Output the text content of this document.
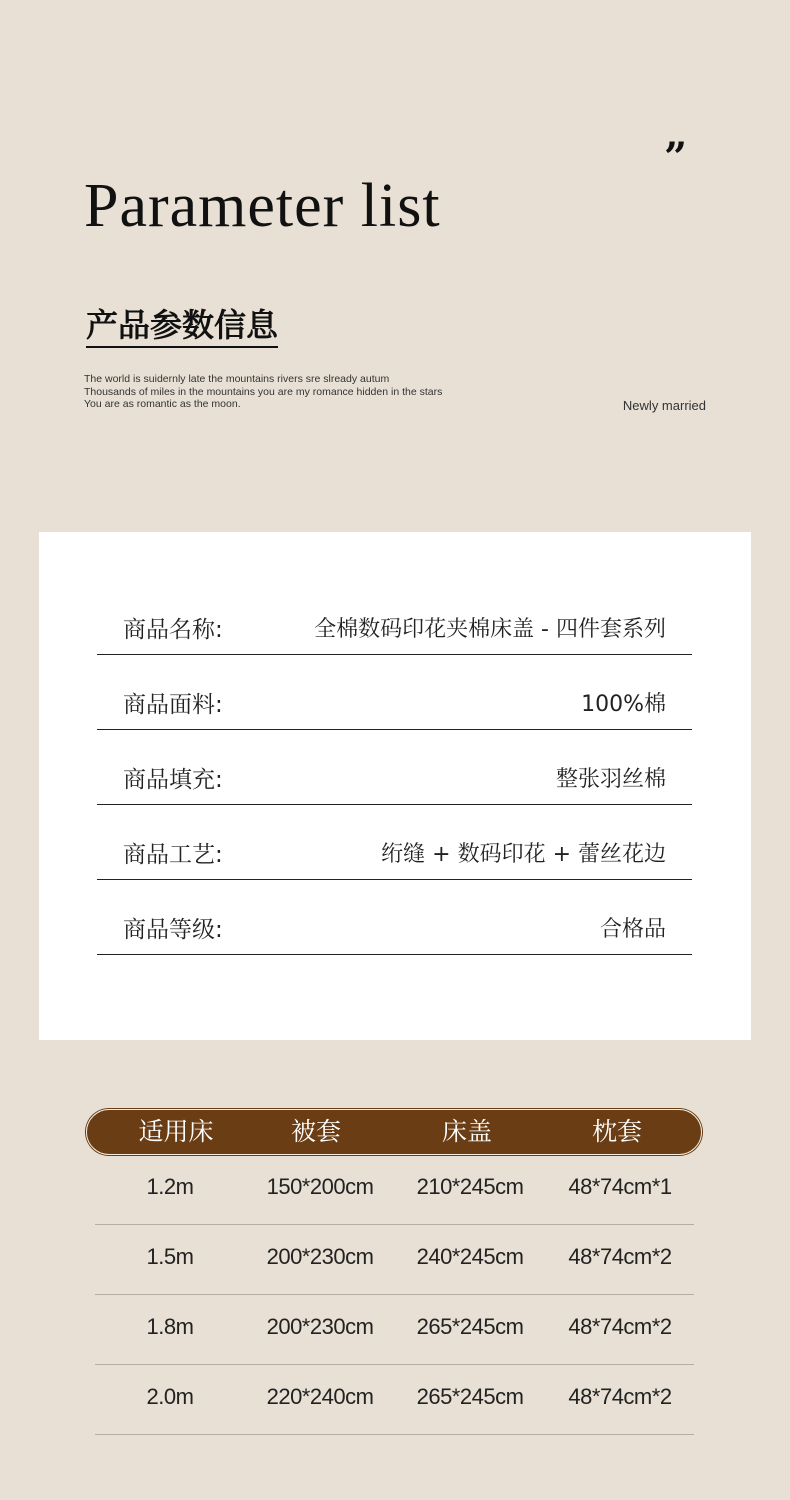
”
Parameter list
产品参数信息
The world is suidernly late the mountains rivers sre slready autum
Thousands of miles in the mountains you are my romance hidden in the stars
You are as romantic as the moon.	Newly married
商品名称:	全棉数码印花夹棉床盖 - 四件套系列
商品面料:	100%棉
商品填充:	整张羽丝棉
商品工艺:	绗缝 + 数码印花 + 蕾丝花边
商品等级:	合格品
适用床	被套	床盖	枕套
1.2m	150*200cm	210*245cm	48*74cm*1
1.5m	200*230cm	240*245cm	48*74cm*2
1.8m	200*230cm	265*245cm	48*74cm*2
2.0m	220*240cm	265*245cm	48*74cm*2
